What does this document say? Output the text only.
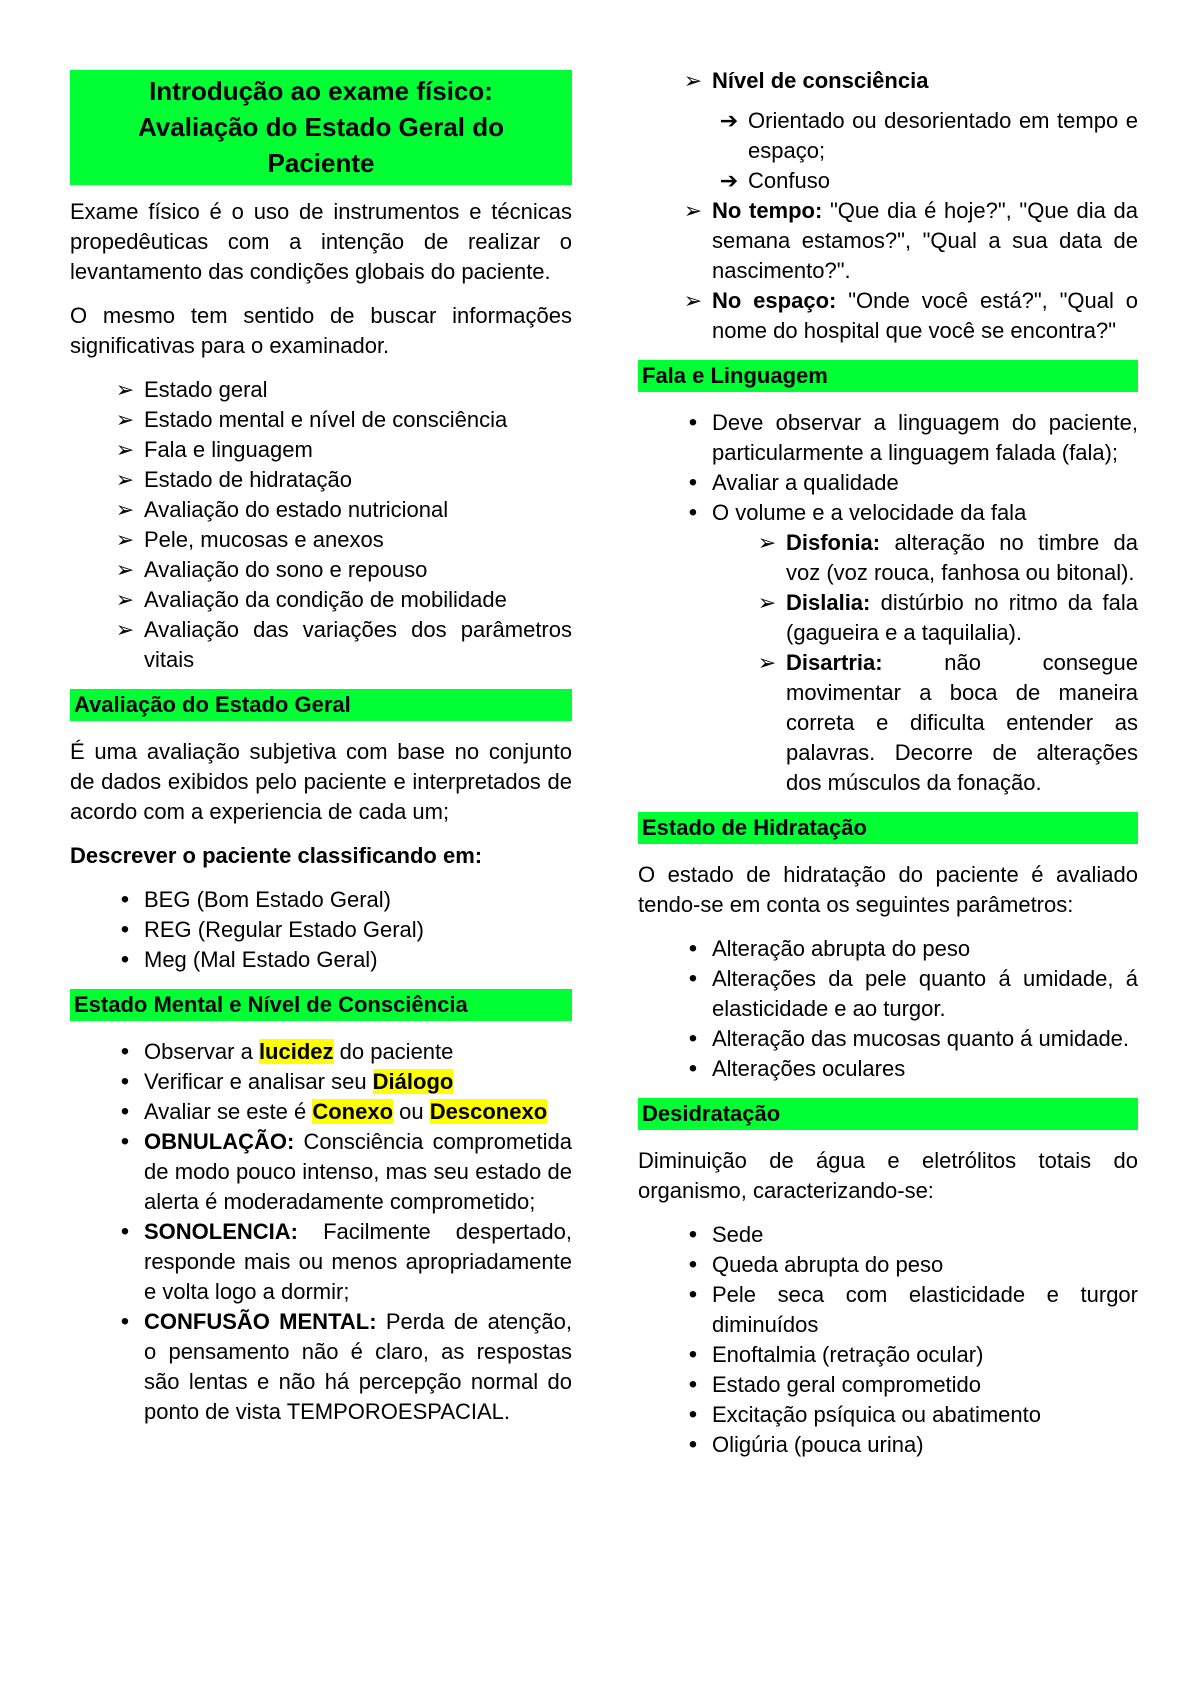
Introdução ao exame físico:
Avaliação do Estado Geral do
Paciente

Exame físico é o uso de instrumentos e técnicas propedêuticas com a intenção de realizar o levantamento das condições globais do paciente.

O mesmo tem sentido de buscar informações significativas para o examinador.

➢ Estado geral
➢ Estado mental e nível de consciência
➢ Fala e linguagem
➢ Estado de hidratação
➢ Avaliação do estado nutricional
➢ Pele, mucosas e anexos
➢ Avaliação do sono e repouso
➢ Avaliação da condição de mobilidade
➢ Avaliação das variações dos parâmetros vitais
Avaliação do Estado Geral

É uma avaliação subjetiva com base no conjunto de dados exibidos pelo paciente e interpretados de acordo com a experiencia de cada um;

Descrever o paciente classificando em:

• BEG (Bom Estado Geral)
• REG (Regular Estado Geral)
• Meg (Mal Estado Geral)
Estado Mental e Nível de Consciência
• Observar a lucidez do paciente
• Verificar e analisar seu Diálogo
• Avaliar se este é Conexo ou Desconexo
• OBNULAÇÃO: Consciência comprometida de modo pouco intenso, mas seu estado de alerta é moderadamente comprometido;
• SONOLENCIA: Facilmente despertado, responde mais ou menos apropriadamente e volta logo a dormir;
• CONFUSÃO MENTAL: Perda de atenção, o pensamento não é claro, as respostas são lentas e não há percepção normal do ponto de vista TEMPOROESPACIAL.
➢ Nível de consciência
➔ Orientado ou desorientado em tempo e espaço;
➔ Confuso
➢ No tempo: "Que dia é hoje?", "Que dia da semana estamos?", "Qual a sua data de nascimento?".
➢ No espaço: "Onde você está?", "Qual o nome do hospital que você se encontra?"
Fala e Linguagem
• Deve observar a linguagem do paciente, particularmente a linguagem falada (fala);
• Avaliar a qualidade
• O volume e a velocidade da fala
➢ Disfonia: alteração no timbre da voz (voz rouca, fanhosa ou bitonal).
➢ Dislalia: distúrbio no ritmo da fala (gagueira e a taquilalia).
➢ Disartria: não consegue movimentar a boca de maneira correta e dificulta entender as palavras. Decorre de alterações dos músculos da fonação.
Estado de Hidratação

O estado de hidratação do paciente é avaliado tendo-se em conta os seguintes parâmetros:

• Alteração abrupta do peso
• Alterações da pele quanto á umidade, á elasticidade e ao turgor.
• Alteração das mucosas quanto á umidade.
• Alterações oculares
Desidratação

Diminuição de água e eletrólitos totais do organismo, caracterizando-se:

• Sede
• Queda abrupta do peso
• Pele seca com elasticidade e turgor diminuídos
• Enoftalmia (retração ocular)
• Estado geral comprometido
• Excitação psíquica ou abatimento
• Oligúria (pouca urina)
